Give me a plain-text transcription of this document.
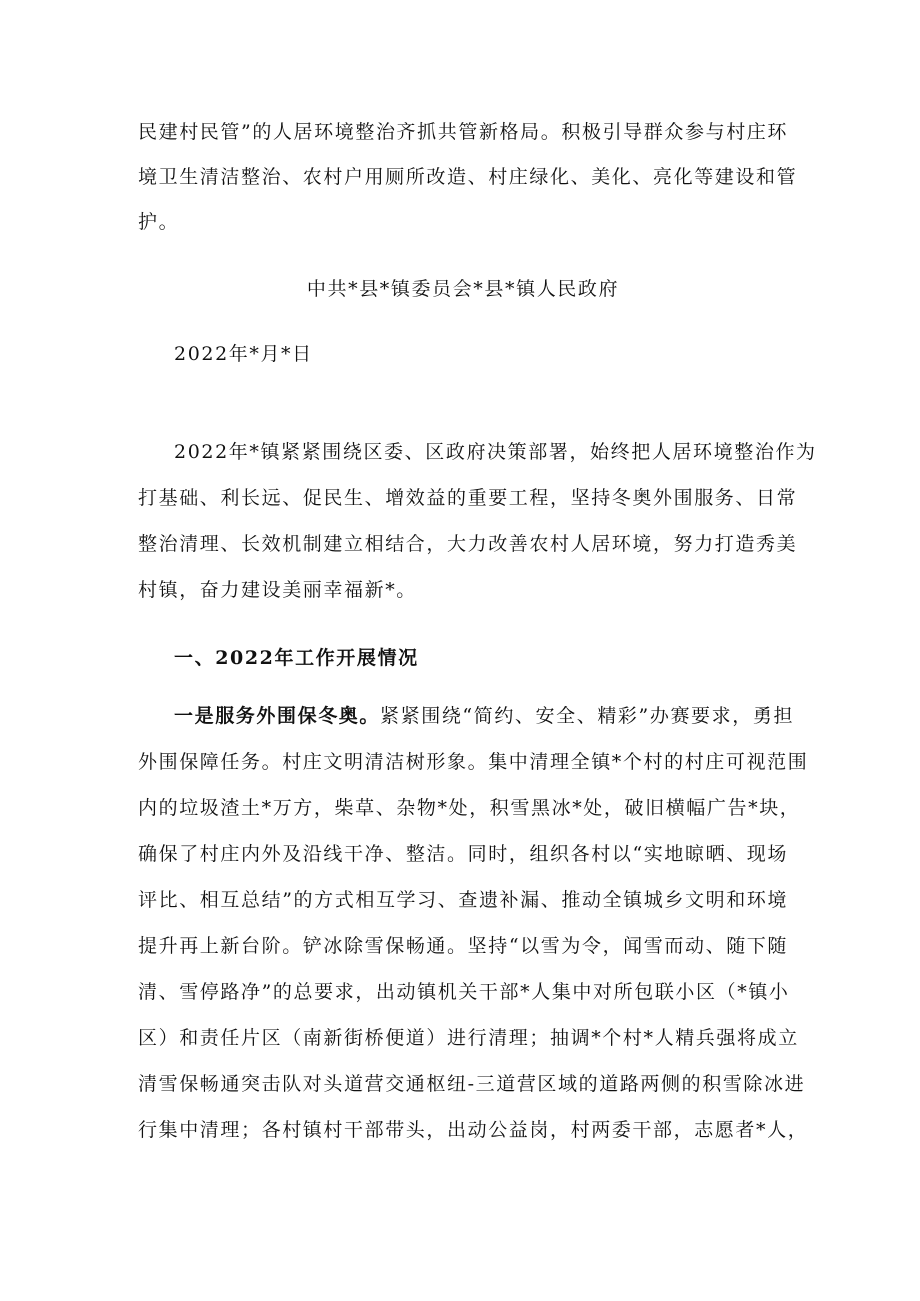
民建村民管”的人居环境整治齐抓共管新格局。积极引导群众参与村庄环
境卫生清洁整治、农村户用厕所改造、村庄绿化、美化、亮化等建设和管
护。
中共*县*镇委员会*县*镇人民政府
2022年*月*日
2022年*镇紧紧围绕区委、区政府决策部署，始终把人居环境整治作为
打基础、利长远、促民生、增效益的重要工程，坚持冬奥外围服务、日常
整治清理、长效机制建立相结合，大力改善农村人居环境，努力打造秀美
村镇，奋力建设美丽幸福新*。
一、2022年工作开展情况
一是服务外围保冬奥。 紧紧围绕“简约、安全、精彩”办赛要求，勇担
外围保障任务。村庄文明清洁树形象。集中清理全镇*个村的村庄可视范围
内的垃圾渣土*万方，柴草、杂物*处，积雪黑冰*处，破旧横幅广告*块，
确保了村庄内外及沿线干净、整洁。同时，组织各村以“实地晾晒、现场
评比、相互总结”的方式相互学习、查遗补漏、推动全镇城乡文明和环境
提升再上新台阶。铲冰除雪保畅通。坚持“以雪为令，闻雪而动、随下随
清、雪停路净”的总要求，出动镇机关干部*人集中对所包联小区（*镇小
区）和责任片区（南新街桥便道）进行清理；抽调*个村*人精兵强将成立
清雪保畅通突击队对头道营交通枢纽-三道营区域的道路两侧的积雪除冰进
行集中清理；各村镇村干部带头，出动公益岗，村两委干部，志愿者*人，
